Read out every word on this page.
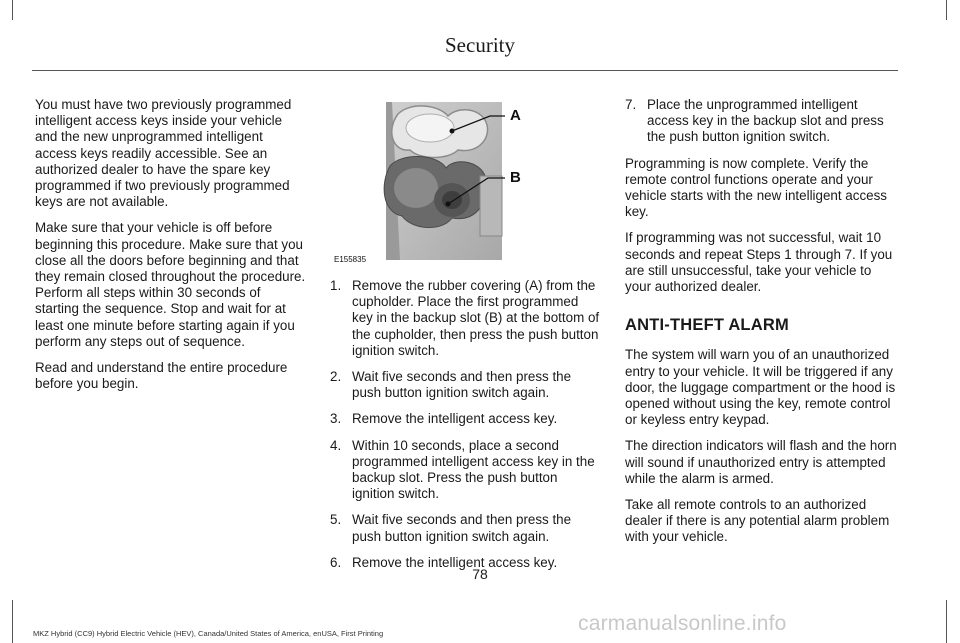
Security

You must have two previously programmed intelligent access keys inside your vehicle and the new unprogrammed intelligent access keys readily accessible. See an authorized dealer to have the spare key programmed if two previously programmed keys are not available.

Make sure that your vehicle is off before beginning this procedure. Make sure that you close all the doors before beginning and that they remain closed throughout the procedure. Perform all steps within 30 seconds of starting the sequence. Stop and wait for at least one minute before starting again if you perform any steps out of sequence.

Read and understand the entire procedure before you begin.

A
B
E155835
1. Remove the rubber covering (A) from the cupholder. Place the first programmed key in the backup slot (B) at the bottom of the cupholder, then press the push button ignition switch.
2. Wait five seconds and then press the push button ignition switch again.
3. Remove the intelligent access key.
4. Within 10 seconds, place a second programmed intelligent access key in the backup slot. Press the push button ignition switch.
5. Wait five seconds and then press the push button ignition switch again.
6. Remove the intelligent access key.
7. Place the unprogrammed intelligent access key in the backup slot and press the push button ignition switch.

Programming is now complete. Verify the remote control functions operate and your vehicle starts with the new intelligent access key.

If programming was not successful, wait 10 seconds and repeat Steps 1 through 7. If you are still unsuccessful, take your vehicle to your authorized dealer.

ANTI-THEFT ALARM

The system will warn you of an unauthorized entry to your vehicle. It will be triggered if any door, the luggage compartment or the hood is opened without using the key, remote control or keyless entry keypad.

The direction indicators will flash and the horn will sound if unauthorized entry is attempted while the alarm is armed.

Take all remote controls to an authorized dealer if there is any potential alarm problem with your vehicle.

78
MKZ Hybrid (CC9) Hybrid Electric Vehicle (HEV), Canada/United States of America, enUSA, First Printing	carmanualsonline.info
